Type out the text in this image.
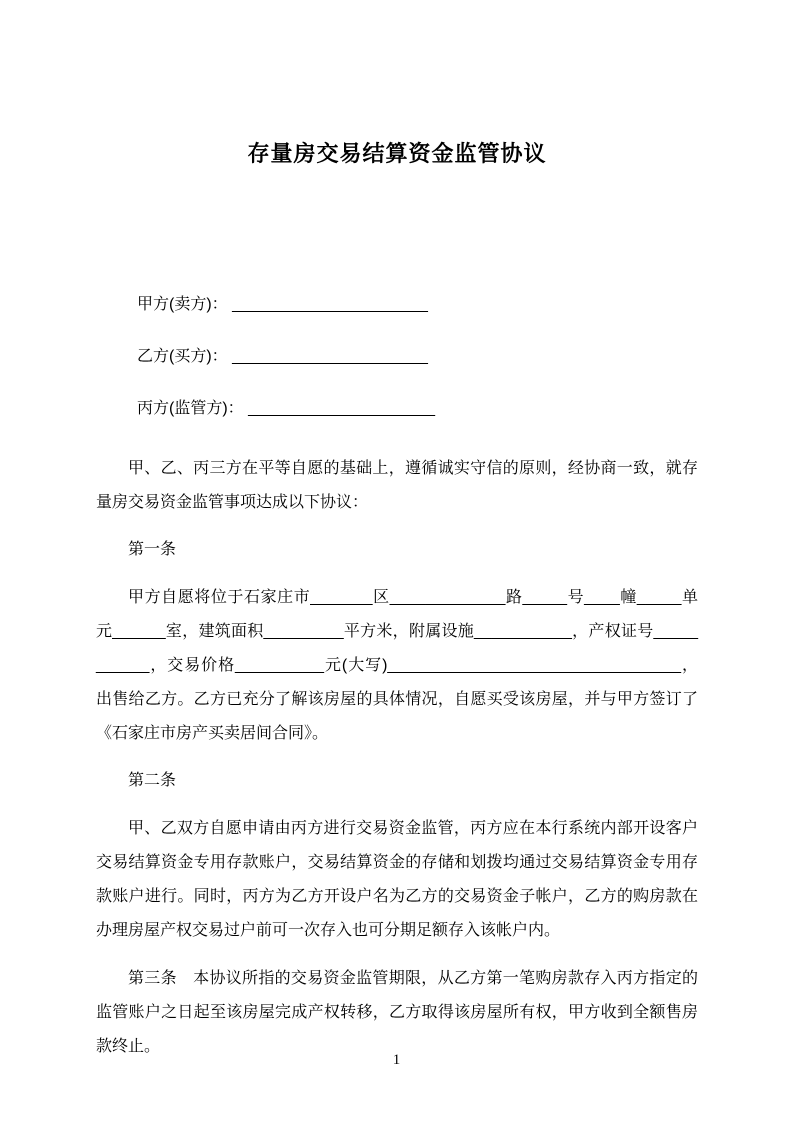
存量房交易结算资金监管协议

甲方(卖方)： ______________________

乙方(买方)： ______________________

丙方(监管方)： _____________________

甲、乙、丙三方在平等自愿的基础上，遵循诚实守信的原则，经协商一致，就存量房交易资金监管事项达成以下协议：

第一条

甲方自愿将位于石家庄市_______区_____________路_____号____幢_____单元______室，建筑面积_________平方米，附属设施___________，产权证号___________，交易价格__________元(大写)_________________________________，出售给乙方。乙方已充分了解该房屋的具体情况，自愿买受该房屋，并与甲方签订了《石家庄市房产买卖居间合同》。

第二条

甲、乙双方自愿申请由丙方进行交易资金监管，丙方应在本行系统内部开设客户交易结算资金专用存款账户，交易结算资金的存储和划拨均通过交易结算资金专用存款账户进行。同时，丙方为乙方开设户名为乙方的交易资金子帐户，乙方的购房款在办理房屋产权交易过户前可一次存入也可分期足额存入该帐户内。

第三条　本协议所指的交易资金监管期限，从乙方第一笔购房款存入丙方指定的监管账户之日起至该房屋完成产权转移，乙方取得该房屋所有权，甲方收到全额售房款终止。

1
